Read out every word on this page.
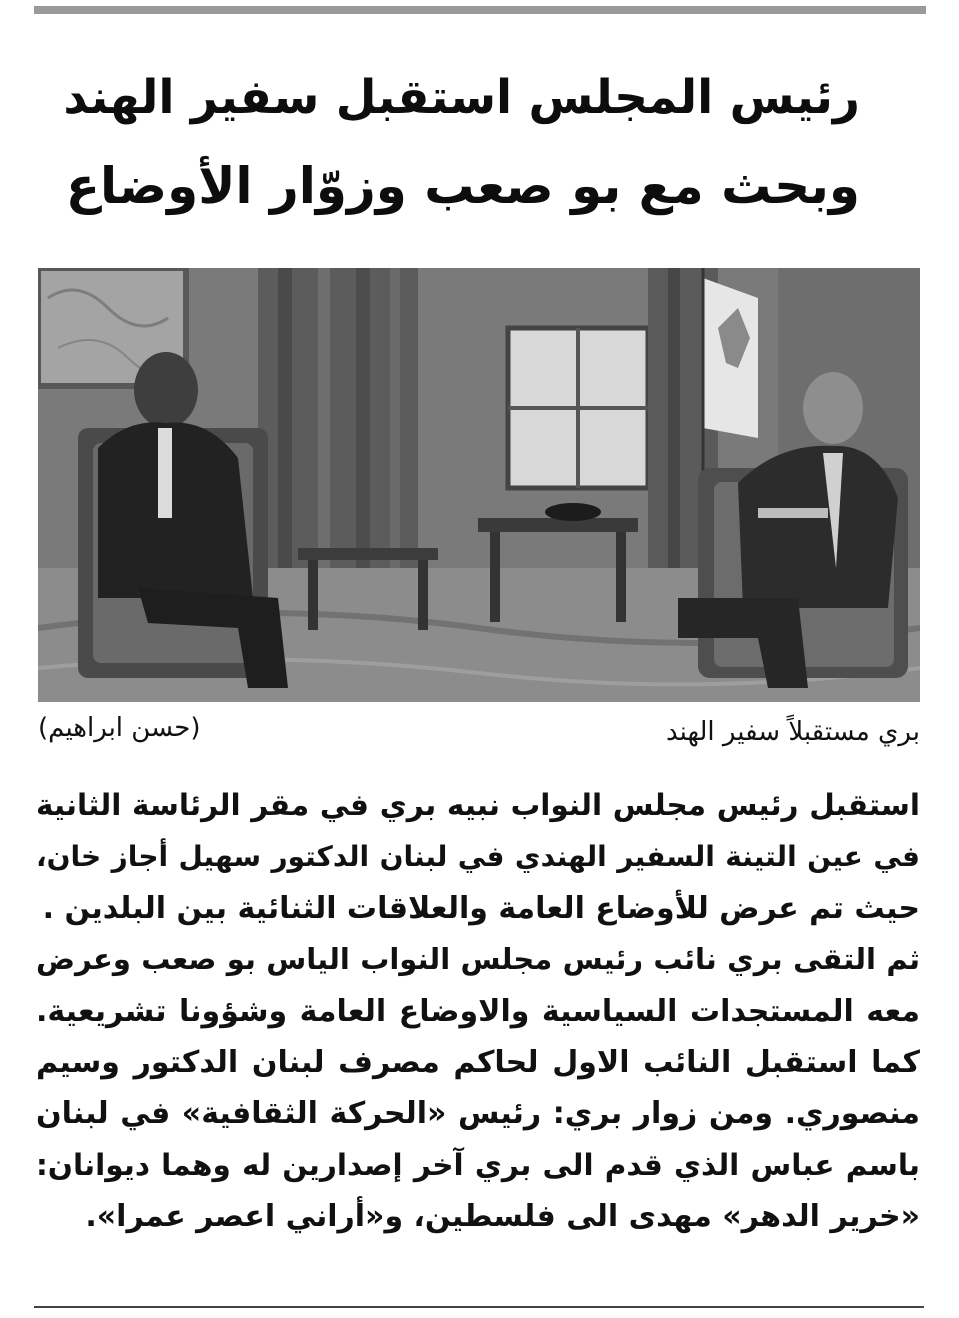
رئيس المجلس استقبل سفير الهند
وبحث مع بو صعب وزوّار الأوضاع
بري مستقبلاً سفير الهند
(حسن ابراهيم)
استقبل رئيس مجلس النواب نبيه بري في مقر الرئاسة الثانية
في عين التينة السفير الهندي في لبنان الدكتور سهيل أجاز خان،
حيث تم عرض للأوضاع العامة والعلاقات الثنائية بين البلدين .
ثم التقى بري نائب رئيس مجلس النواب الياس بو صعب وعرض
معه المستجدات السياسية والاوضاع العامة وشؤونا تشريعية.
كما استقبل النائب الاول لحاكم مصرف لبنان الدكتور وسيم
منصوري. ومن زوار بري: رئيس «الحركة الثقافية» في لبنان
باسم عباس الذي قدم الى بري آخر إصدارين له وهما ديوانان:
«خرير الدهر» مهدى الى فلسطين، و«أراني اعصر عمرا».
